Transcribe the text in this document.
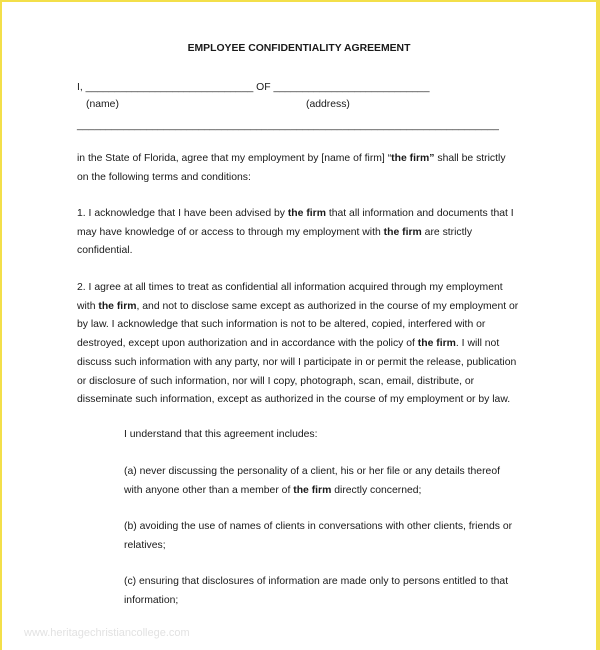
EMPLOYEE CONFIDENTIALITY AGREEMENT
I, _____________________________ OF ___________________________
(name)	(address)
_________________________________________________________________________
in the State of Florida, agree that my employment by [name of firm] “the firm” shall be strictly
on the following terms and conditions:
1. I acknowledge that I have been advised by the firm that all information and documents that I
may have knowledge of or access to through my employment with the firm are strictly
confidential.
2. I agree at all times to treat as confidential all information acquired through my employment
with the firm, and not to disclose same except as authorized in the course of my employment or
by law. I acknowledge that such information is not to be altered, copied, interfered with or
destroyed, except upon authorization and in accordance with the policy of the firm. I will not
discuss such information with any party, nor will I participate in or permit the release, publication
or disclosure of such information, nor will I copy, photograph, scan, email, distribute, or
disseminate such information, except as authorized in the course of my employment or by law.
I understand that this agreement includes:
(a) never discussing the personality of a client, his or her file or any details thereof
with anyone other than a member of the firm directly concerned;
(b) avoiding the use of names of clients in conversations with other clients, friends or
relatives;
(c) ensuring that disclosures of information are made only to persons entitled to that
information;
www.heritagechristiancollege.com
